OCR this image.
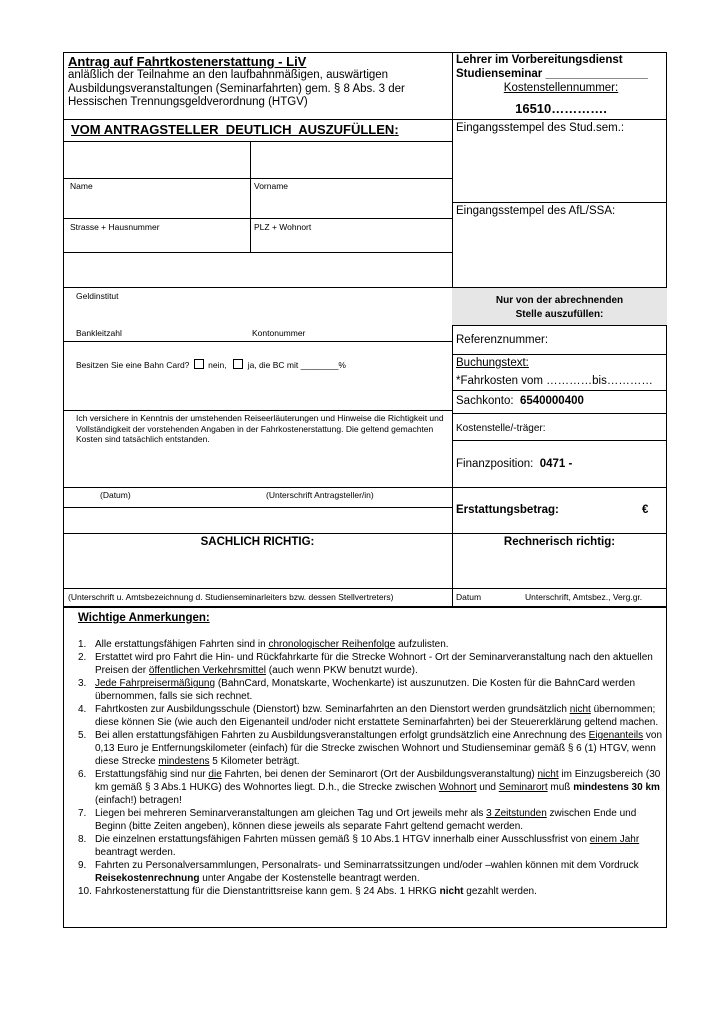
Antrag auf Fahrtkostenerstattung - LiV
anläßlich der Teilnahme an den laufbahnmäßigen, auswärtigen Ausbildungsveranstaltungen (Seminarfahrten) gem. § 8 Abs. 3 der Hessischen Trennungsgeldverordnung (HTGV)
Lehrer im Vorbereitungsdienst
Studienseminar ________________
Kostenstellennummer:
16510………….
VOM ANTRAGSTELLER  DEUTLICH  AUSZUFÜLLEN:	Eingangsstempel des Stud.sem.:
Name	Vorname
Strasse + Hausnummer	PLZ + Wohnort
Geldinstitut
Bankleitzahl	Kontonummer
Besitzen Sie eine Bahn Card? nein, ja, die BC mit ________%
Ich versichere in Kenntnis der umstehenden Reiseerläuterungen und Hinweise die Richtigkeit und Vollständigkeit der vorstehenden Angaben in der Fahrkostenerstattung. Die geltend gemachten Kosten sind tatsächlich entstanden.
(Datum)	(Unterschrift Antragsteller/in)
SACHLICH RICHTIG:
(Unterschrift u. Amtsbezeichnung d. Studienseminarleiters bzw. dessen Stellvertreters)
Eingangsstempel des AfL/SSA:
Nur von der abrechnenden Stelle auszufüllen:
Referenznummer:
Buchungstext:
*Fahrkosten vom …………bis…………
Sachkonto: 6540000400
Kostenstelle/-träger:
Finanzposition: 0471 -
Erstattungsbetrag:	€
Rechnerisch richtig:
Datum	Unterschrift, Amtsbez., Verg.gr.
Wichtige Anmerkungen:
1. Alle erstattungsfähigen Fahrten sind in chronologischer Reihenfolge aufzulisten.
2. Erstattet wird pro Fahrt die Hin- und Rückfahrkarte für die Strecke Wohnort - Ort der Seminarveranstaltung nach den aktuellen Preisen der öffentlichen Verkehrsmittel (auch wenn PKW benutzt wurde).
3. Jede Fahrpreisermäßigung (BahnCard, Monatskarte, Wochenkarte) ist auszunutzen. Die Kosten für die BahnCard werden übernommen, falls sie sich rechnet.
4. Fahrtkosten zur Ausbildungsschule (Dienstort) bzw. Seminarfahrten an den Dienstort werden grundsätzlich nicht übernommen; diese können Sie (wie auch den Eigenanteil und/oder nicht erstattete Seminarfahrten) bei der Steuererklärung geltend machen.
5. Bei allen erstattungsfähigen Fahrten zu Ausbildungsveranstaltungen erfolgt grundsätzlich eine Anrechnung des Eigenanteils von 0,13 Euro je Entfernungskilometer (einfach) für die Strecke zwischen Wohnort und Studienseminar gemäß § 6 (1) HTGV, wenn diese Strecke mindestens 5 Kilometer beträgt.
6. Erstattungsfähig sind nur die Fahrten, bei denen der Seminarort (Ort der Ausbildungsveranstaltung) nicht im Einzugsbereich (30 km gemäß § 3 Abs.1 HUKG) des Wohnortes liegt. D.h., die Strecke zwischen Wohnort und Seminarort muß mindestens 30 km (einfach!) betragen!
7. Liegen bei mehreren Seminarveranstaltungen am gleichen Tag und Ort jeweils mehr als 3 Zeitstunden zwischen Ende und Beginn (bitte Zeiten angeben), können diese jeweils als separate Fahrt geltend gemacht werden.
8. Die einzelnen erstattungsfähigen Fahrten müssen gemäß § 10 Abs.1 HTGV innerhalb einer Ausschlussfrist von einem Jahr beantragt werden.
9. Fahrten zu Personalversammlungen, Personalrats- und Seminarratssitzungen und/oder –wahlen können mit dem Vordruck Reisekostenrechnung unter Angabe der Kostenstelle beantragt werden.
10. Fahrkostenerstattung für die Dienstantrittsreise kann gem. § 24 Abs. 1 HRKG nicht gezahlt werden.
